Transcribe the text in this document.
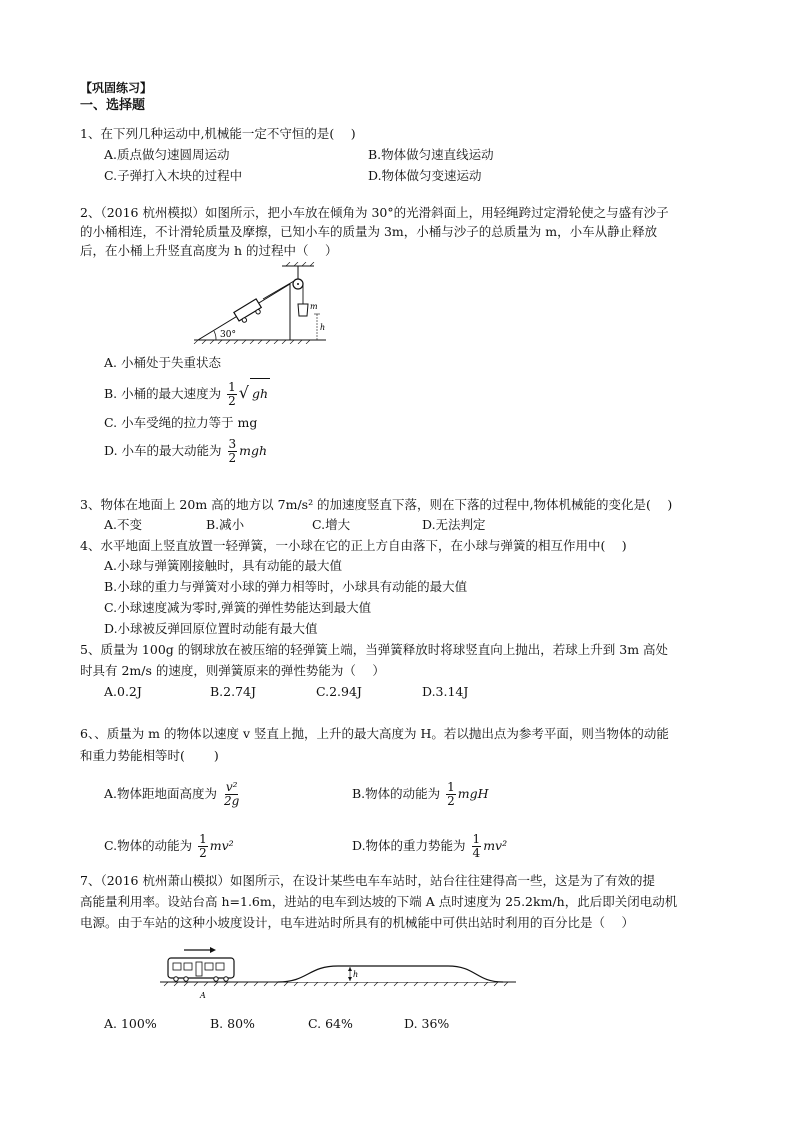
【巩固练习】
一、选择题
1、在下列几种运动中,机械能一定不守恒的是(　 )
A.质点做匀速圆周运动	B.物体做匀速直线运动
C.子弹打入木块的过程中	D.物体做匀变速运动
2、（2016 杭州模拟）如图所示，把小车放在倾角为 30°的光滑斜面上，用轻绳跨过定滑轮使之与盛有沙子
的小桶相连，不计滑轮质量及摩擦，已知小车的质量为 3m，小桶与沙子的总质量为 m，小车从静止释放
后，在小桶上升竖直高度为 h 的过程中（　 ）
30°
m
h
A. 小桶处于失重状态
B. 小桶的最大速度为 $\frac{1}{2}$ √ gh
C. 小车受绳的拉力等于 mg
D. 小车的最大动能为 $\frac{3}{2}$ mgh
3、物体在地面上 20m 高的地方以 7m/s² 的加速度竖直下落，则在下落的过程中,物体机械能的变化是(　 )
A.不变	B.减小	C.增大	D.无法判定
4、水平地面上竖直放置一轻弹簧，一小球在它的正上方自由落下，在小球与弹簧的相互作用中(　 )
A.小球与弹簧刚接触时，具有动能的最大值
B.小球的重力与弹簧对小球的弹力相等时，小球具有动能的最大值
C.小球速度减为零时,弹簧的弹性势能达到最大值
D.小球被反弹回原位置时动能有最大值
5、质量为 100g 的钢球放在被压缩的轻弹簧上端，当弹簧释放时将球竖直向上抛出，若球上升到 3m 高处
时具有 2m/s 的速度，则弹簧原来的弹性势能为（　 ）
A.0.2J	B.2.74J	C.2.94J	D.3.14J
6、、质量为 m 的物体以速度 v 竖直上抛，上升的最大高度为 H。若以抛出点为参考平面，则当物体的动能
和重力势能相等时(　 　)
A.物体距地面高度为 $\frac{\text{v²}}{2g}$	B.物体的动能为 $\frac{1}{2}$ mgH
C.物体的动能为 $\frac{1}{2} mv^2$	D.物体的重力势能为 $\frac{1}{4} mv^2$
7、（2016 杭州萧山模拟）如图所示，在设计某些电车车站时，站台往往建得高一些，这是为了有效的提
高能量利用率。设站台高 h=1.6m，进站的电车到达坡的下端 A 点时速度为 25.2km/h，此后即关闭电动机
电源。由于车站的这种小坡度设计，电车进站时所具有的机械能中可供出站时利用的百分比是（　 ）
h
A
A. 100%	B. 80%	C. 64%	D. 36%
